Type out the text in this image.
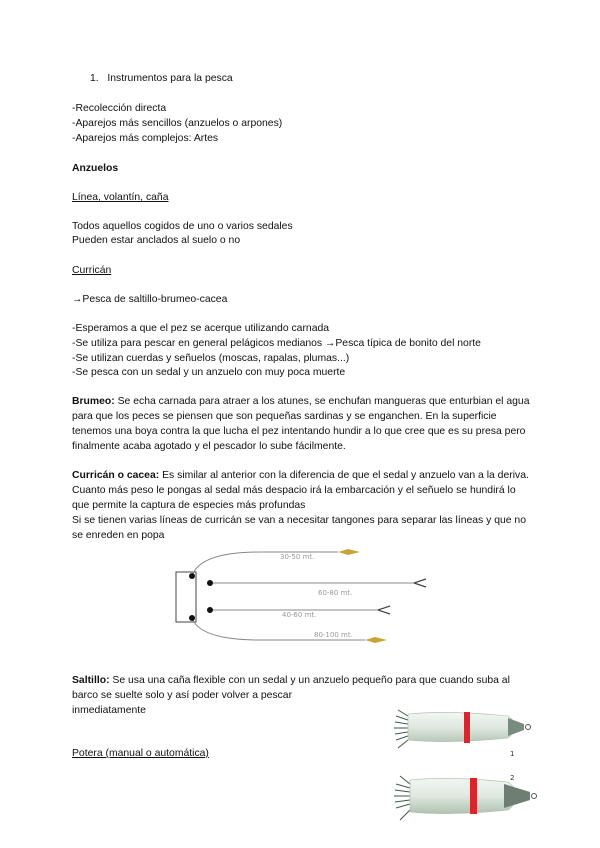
1. Instrumentos para la pesca
-Recolección directa
-Aparejos más sencillos (anzuelos o arpones)
-Aparejos más complejos: Artes
Anzuelos
Línea, volantín, caña
Todos aquellos cogidos de uno o varios sedales
Pueden estar anclados al suelo o no
Curricán
→Pesca de saltillo-brumeo-cacea
-Esperamos a que el pez se acerque utilizando carnada
-Se utiliza para pescar en general pelágicos medianos →Pesca típica de bonito del norte
-Se utilizan cuerdas y señuelos (moscas, rapalas, plumas...)
-Se pesca con un sedal y un anzuelo con muy poca muerte
Brumeo: Se echa carnada para atraer a los atunes, se enchufan mangueras que enturbian el agua para que los peces se piensen que son pequeñas sardinas y se enganchen. En la superficie tenemos una boya contra la que lucha el pez intentando hundir a lo que cree que es su presa pero finalmente acaba agotado y el pescador lo sube fácilmente.
Curricán o cacea: Es similar al anterior con la diferencia de que el sedal y anzuelo van a la deriva. Cuanto más peso le pongas al sedal más despacio irá la embarcación y el señuelo se hundirá lo que permite la captura de especies más profundas
Si se tienen varias líneas de curricán se van a necesitar tangones para separar las líneas y que no se enreden en popa
30-50 mt.
60-80 mt.
40-60 mt.
80-100 mt.
Saltillo: Se usa una caña flexible con un sedal y un anzuelo pequeño para que cuando suba al barco se suelte solo y así poder volver a pescar
inmediatamente
Potera (manual o automática)	1
2
